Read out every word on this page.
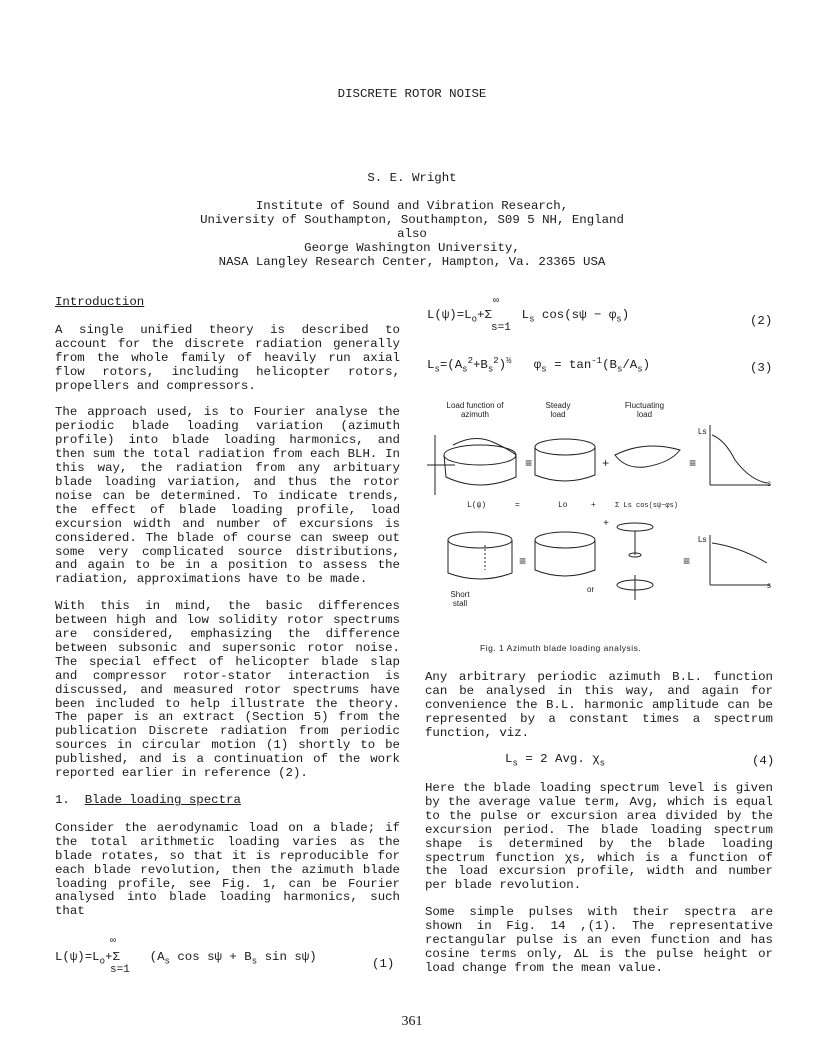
DISCRETE ROTOR NOISE
S. E. Wright
Institute of Sound and Vibration Research,
University of Southampton, Southampton, S09 5 NH, England
also
George Washington University,
NASA Langley Research Center, Hampton, Va. 23365 USA

Introduction

A single unified theory is described to account for the discrete radiation generally from the whole family of heavily run axial flow rotors, including helicopter rotors, propellers and compressors.

The approach used, is to Fourier analyse the periodic blade loading variation (azimuth profile) into blade loading harmonics, and then sum the total radiation from each BLH. In this way, the radiation from any arbituary blade loading variation, and thus the rotor noise can be determined. To indicate trends, the effect of blade loading profile, load excursion width and number of excursions is considered. The blade of course can sweep out some very complicated source distributions, and again to be in a position to assess the radiation, approximations have to be made.

With this in mind, the basic differences between high and low solidity rotor spectrums are considered, emphasizing the difference between subsonic and supersonic rotor noise. The special effect of helicopter blade slap and compressor rotor-stator interaction is discussed, and measured rotor spectrums have been included to help illustrate the theory. The paper is an extract (Section 5) from the publication Discrete radiation from periodic sources in circular motion (1) shortly to be published, and is a continuation of the work reported earlier in reference (2).

1. Blade loading spectra

Consider the aerodynamic load on a blade; if the total arithmetic loading varies as the blade rotates, so that it is reproducible for each blade revolution, then the azimuth blade loading profile, see Fig. 1, can be Fourier analysed into blade loading harmonics, such that

∞
$L(\psi)=L_o+\Sigma$    ($A_s$ $\cos s\psi + B_s$ sin sψ)
s=1	(1)
∞
$L(\psi)=L_o+\Sigma$    $L_s$ $\cos(s\psi - \varphi_s)$
s=1	(2)
$L_s=(A_s^2+B_s^2)^{\frac{1}{2}}$   $\varphi_s = \tan^{-1}(B_s/A_s)$	(3)
Load function of azimuth
Steady load
Fluctuating load
Short stall
or
Ls
Ls
s
s
≡	+	≡
L(ψ)	=	Lo	+	Σ Ls cos(sψ−φs)
+
≡	≡
Fig. 1 Azimuth blade loading analysis.

Any arbitrary periodic azimuth B.L. function can be analysed in this way, and again for convenience the B.L. harmonic amplitude can be represented by a constant times a spectrum function, viz.

$L_s = 2$ Avg. $\chi_s$	(4)

Here the blade loading spectrum level is given by the average value term, Avg, which is equal to the pulse or excursion area divided by the excursion period. The blade loading spectrum shape is determined by the blade loading spectrum function χs, which is a function of the load excursion profile, width and number per blade revolution.

Some simple pulses with their spectra are shown in Fig. 14 ,(1). The representative rectangular pulse is an even function and has cosine terms only, ΔL is the pulse height or load change from the mean value.

361
